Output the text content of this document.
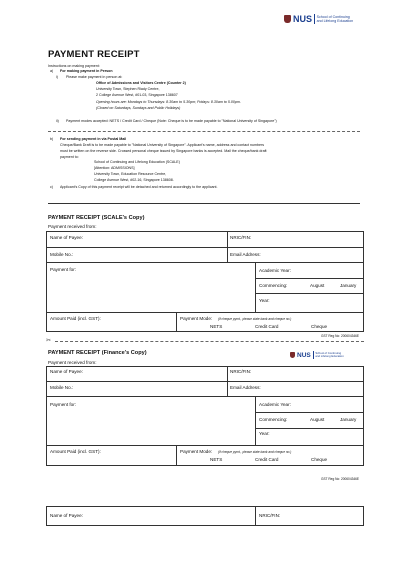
NUS School of Continuing
and Lifelong Education
PAYMENT RECEIPT
Instructions on making payment:
a) For making payment in Person
i) Please make payment in person at:
Office of Admissions and Visitors Centre (Counter 2)
University Town, Stephen Riady Centre,
2 College Avenue West, #01-03, Singapore 138607
Opening hours are: Mondays to Thursdays: 8.30am to 5.30pm; Fridays: 8.30am to 5.00pm.
(Closed on Saturdays, Sundays and Public Holidays)
ii) Payment modes accepted: NETS / Credit Card / Cheque (Note: Cheque is to be made payable to "National University of Singapore")
b) For sending payment in via Postal Mail
Cheque/Bank Draft is to be made payable to "National University of Singapore". Applicant's name, address and contact numbers
must be written on the reverse side. Crossed personal cheque issued by Singapore banks is accepted. Mail the cheque/bank draft
payment to:
School of Continuing and Lifelong Education (SCALE)
[Attention: ADMISSIONS]
University Town, Education Resource Centre,
College Avenue West, #02-16, Singapore 138608.
c) Applicant's Copy of this payment receipt will be detached and returned accordingly to the applicant.
PAYMENT RECEIPT (SCALE's Copy)
Payment received from:
Name of Payee:	NRIC/FIN:
Mobile No.:	Email Address:
Payment for:	Academic Year:
Commencing:	August	January
Year:
Amount Paid (incl. GST):	Payment Mode: (if cheque pymt., please state bank and cheque no.)
NETS	Credit Card	Cheque
GST Reg No: 200604346E
✂
PAYMENT RECEIPT (Finance's Copy)	NUS School of Continuing
and Lifelong Education
Payment received from:
Name of Payee:	NRIC/FIN:
Mobile No.:	Email Address:
Payment for:	Academic Year:
Commencing:	August	January
Year:
Amount Paid (incl. GST):	Payment Mode: (if cheque pymt., please state bank and cheque no.)
NETS	Credit Card	Cheque
GST Reg No: 200604346E
Name of Payee:	NRIC/FIN:
